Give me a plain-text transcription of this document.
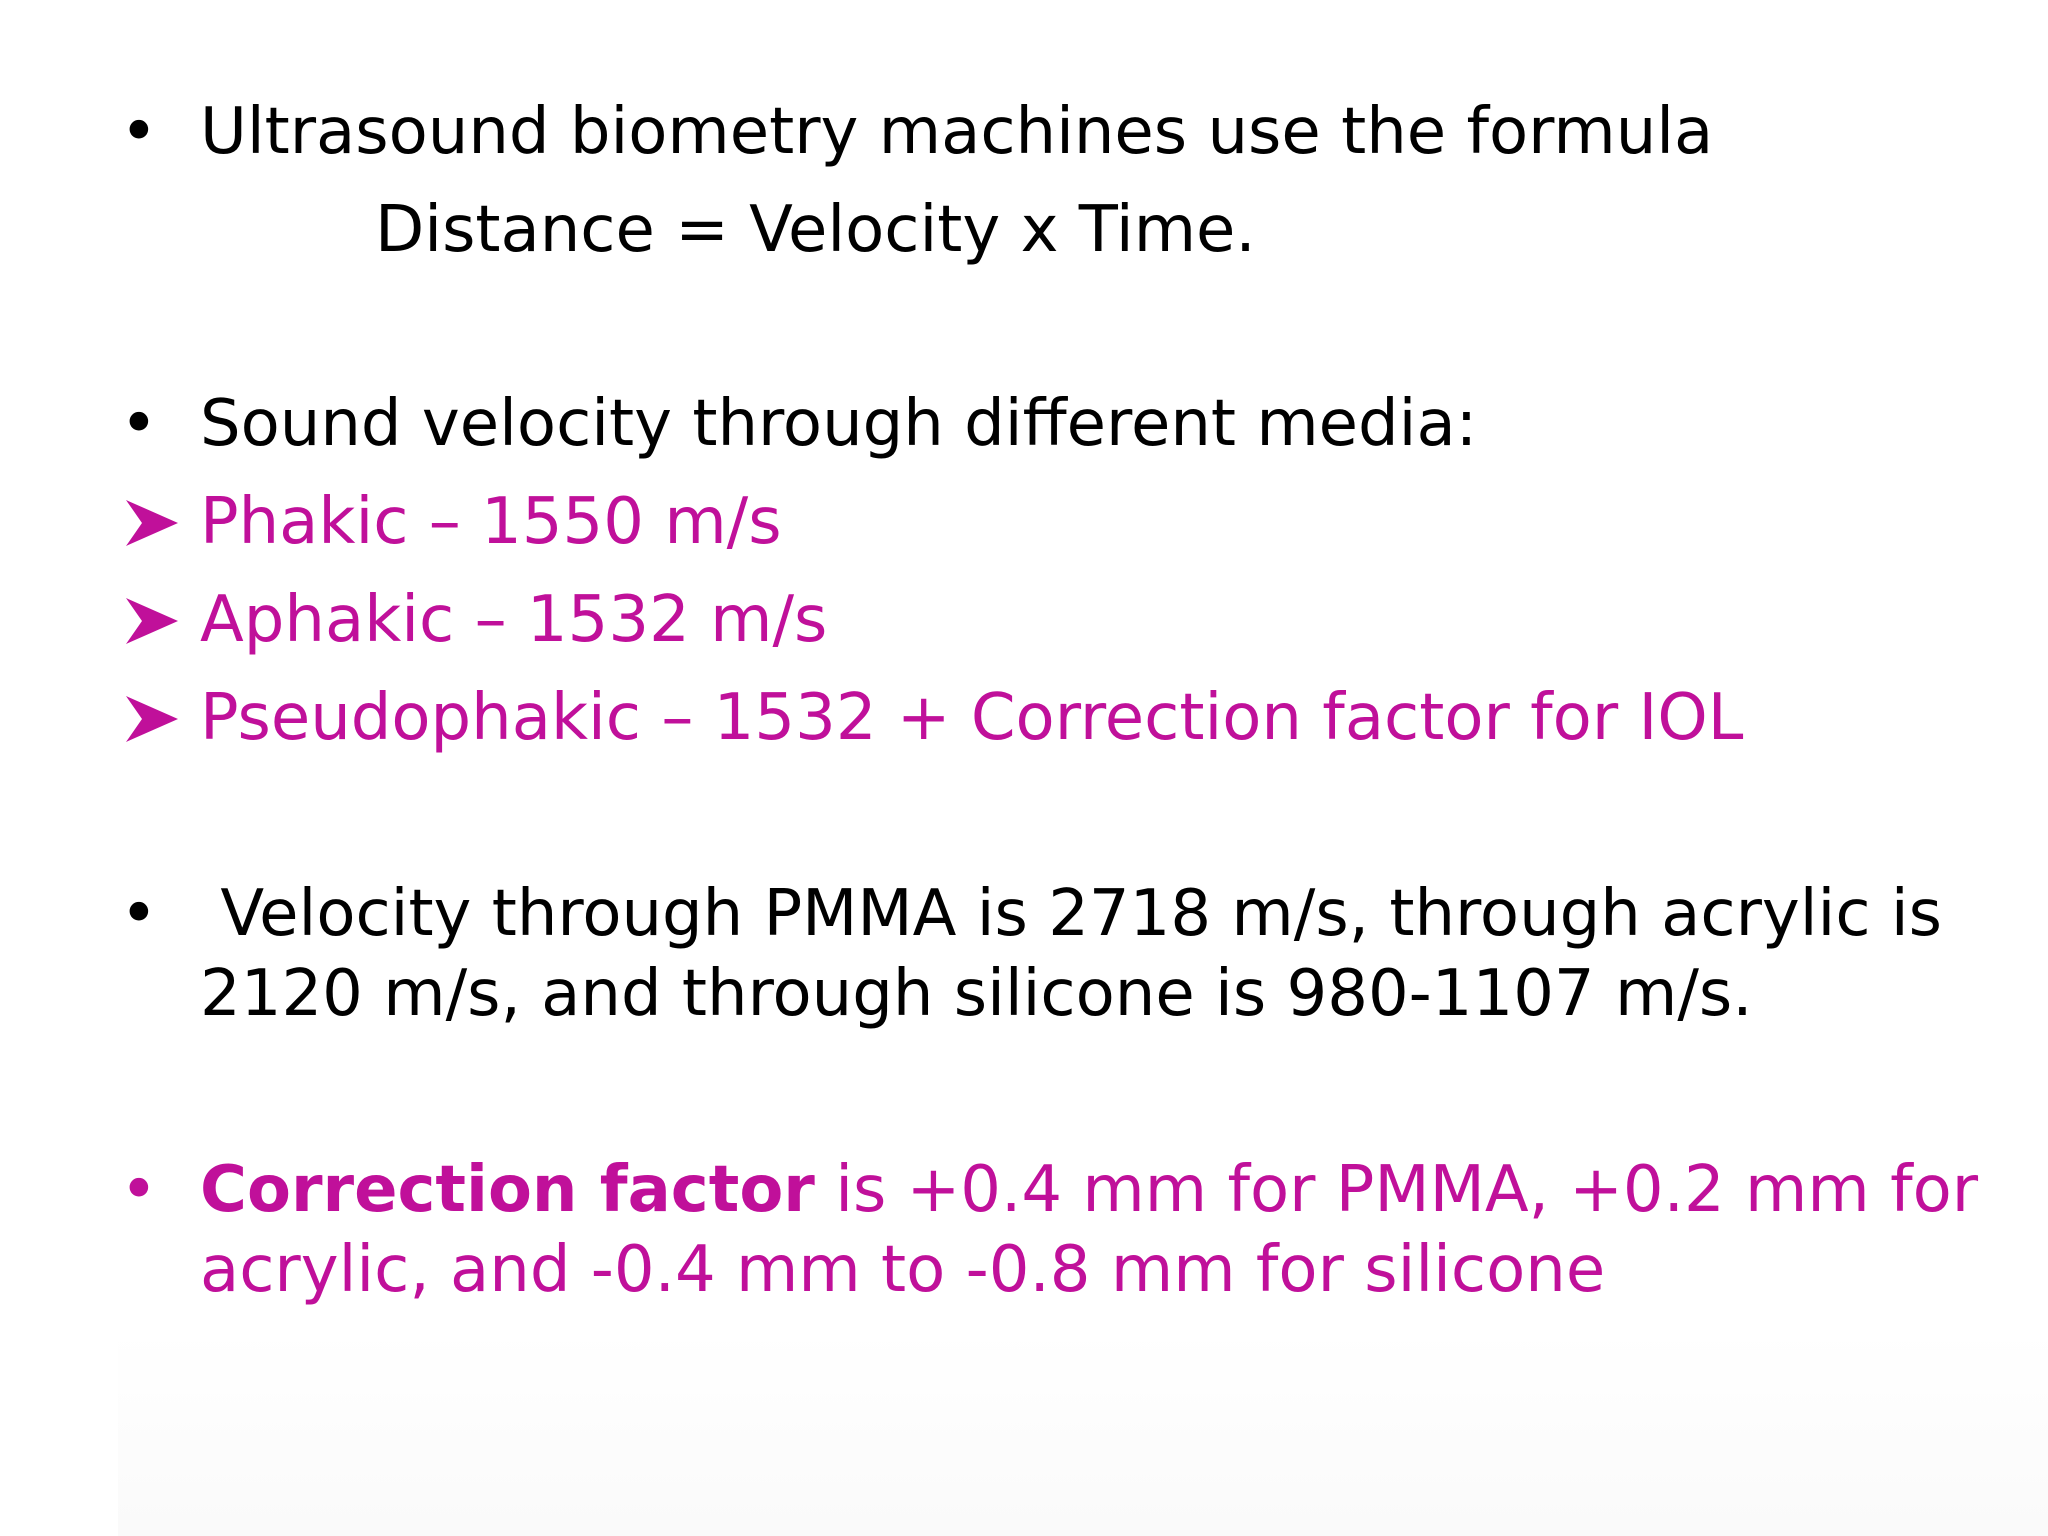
• Ultrasound biometry machines use the formula
Distance = Velocity x Time.
• Sound velocity through different media:
Phakic – 1550 m/s
Aphakic – 1532 m/s
Pseudophakic – 1532 + Correction factor for IOL
• Velocity through PMMA is 2718 m/s, through acrylic is
2120 m/s, and through silicone is 980-1107 m/s.
• Correction factor is +0.4 mm for PMMA, +0.2 mm for
acrylic, and -0.4 mm to -0.8 mm for silicone
